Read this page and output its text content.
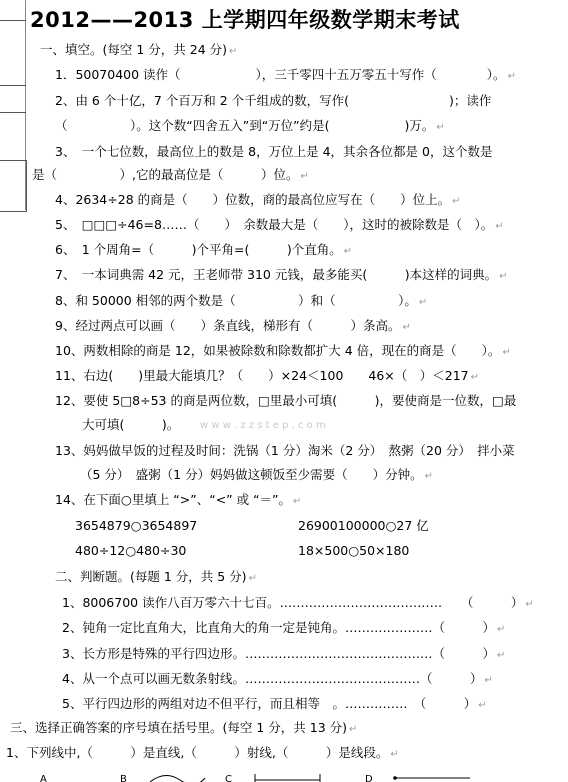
2012——2013 上学期四年级数学期末考试
一、填空。(每空 1 分，共 24 分) ↵
1．50070400 读作（　　　　　　），三千零四十五万零五十写作（　　　　）。 ↵
2、由 6 个十亿，7 个百万和 2 个千组成的数，写作(　　　　　　　　)；读作
（　　　　　）。这个数“四舍五入”到“万位”约是(　　　　　　)万。 ↵
3、　一个七位数，最高位上的数是 8，万位上是 4，其余各位都是 0，这个数是
是（　　　　　）,它的最高位是（　　　）位。 ↵
4、2634÷28 的商是（　　）位数，商的最高位应写在（　　）位上。 ↵
5、　□□□÷46=8……（　　）　余数最大是（　　），这时的被除数是（　）。 ↵
6、　1 个周角=（　　　)个平角=(　　　)个直角。 ↵
7、　一本词典需 42 元，王老师带 310 元钱，最多能买(　　　)本这样的词典。 ↵
8、和 50000 相邻的两个数是（　　　　　）和（　　　　　）。 ↵
9、经过两点可以画（　　）条直线，梯形有（　　　）条高。 ↵
10、两数相除的商是 12，如果被除数和除数都扩大 4 倍，现在的商是（　　）。 ↵
11、右边(　　)里最大能填几？（　　）×24＜100　　46×（　）＜217 ↵
12、要使 5□8÷53 的商是两位数，□里最小可填(　　　)，要使商是一位数，□最
大可填(　　　)。 w w w . z z s t e p . c o m
13、妈妈做早饭的过程及时间：洗锅（1 分）淘米（2 分）　熬粥（20 分）　拌小菜
（5 分）　盛粥（1 分）妈妈做这顿饭至少需要（　　）分钟。 ↵
14、在下面○里填上 “>”、“<” 或 “＝”。 ↵
3654879○3654897	26900100000○27 亿
480÷12○480÷30	18×500○50×180
二、判断题。(每题 1 分，共 5 分) ↵
1、8006700 读作八百万零六十七百。…………………………………　　（　　　） ↵
2、钝角一定比直角大，比直角大的角一定是钝角。…………………（　　　） ↵
3、长方形是特殊的平行四边形。………………………………………（　　　） ↵
4、从一个点可以画无数条射线。……………………………………（　　　） ↵
5、平行四边形的两组对边不但平行，而且相等　。……………　（　　　） ↵
三、选择正确答案的序号填在括号里。(每空 1 分，共 13 分) ↵
1、下列线中,（　　　）是直线,（　　　）射线,（　　　）是线段。 ↵
A	B	C	D
